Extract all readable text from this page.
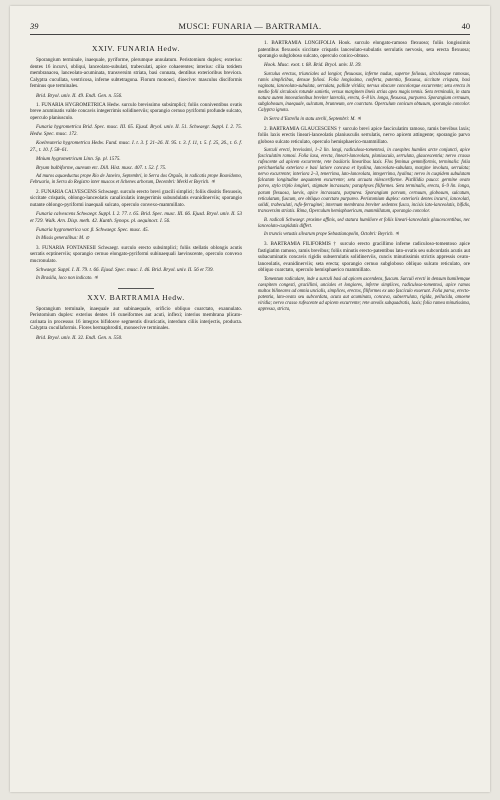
39	MUSCI: FUNARIA — BARTRAMIA.	40
XXIV. FUNARIA Hedw.

Sporangium terminale, inaequale, pyriforme, plerumque annulatum. Peristomium duplex; exterius: dentes 16 incurvi, obliqui, lanceolato-subulati, trabeculati, apice cohaerentes; interius: cilia totidem membranacea, lanceolato-acuminata, transversim striata, basi connata, dentibus exterioribus breviora. Calyptra cucullata, ventricosa, inferne subtetragona. Florum monoeci, dioecive: masculus disciformis feminus que terminales.

Brid. Bryol. univ. II. 49. Endl. Gen. n. 556.

1. FUNARIA HYGROMETRICA Hedw. surculo brevissimo subsimplici; foliis conniventibus ovatis breve acuminatis valde concavis integerrimis solidinerviis; sporangio cernuo pyriformi profunde sulcato, operculo planiusculo.

Funaria hygrometrica Brid. Spec. musc. III. 65. Ejusd. Bryol. univ. II. 51. Schwaegr. Suppl. I. 2. 75. Hedw. Spec. musc. 172.

Koelreuteria hygrometrica Hedw. Fund. musc. I. t. 3. f. 21–26. II. 95. t. 3. f. 11, t. 5. f. 25, 26., t. 6. f. 27., t. 10. f. 58–61.

Mnium hygrometricum Linn. Sp. pl. 1575.

Bryum bulbiforme, aureum etc. Dill. Hist. musc. 407. t. 52. f. 75.

Ad muros aquaeductus prope Rio de Janeiro, Septembri, in Serra dos Orgaõs, in radicatis prope Boavidomo, Februario, in Serra do Registro inter muscos et lichenes arborum, Decembri: Merkl et Beyrich. ♃

2. FUNARIA CALVESCENS Schwaegr. surculo erecto brevi gracili simplici; foliis dissitis flexuosis, siccitate crispatis, oblongo-lanceolatis canaliculatis integerrimis subundulatis evanidinerviis; sporangio nutante oblongo-pyriformi inaequali sulcato, operculo convexo-mammillato.

Funaria calvescens Schwaegr. Suppl. I. 2. 77. t. 65. Brid. Spec. musc. III. 66. Ejusd. Bryol. univ. II. 53 et 729. Walk. Arn. Disp. meth. 42. Kunth. Synops. pl. aequinoct. I. 56.

Funaria hygrometrica var. β. Schwaegr. Spec. musc. 45.

In Missis generalibus: M. ⊙

3. FUNARIA FONTANESII Schwaegr. surculo erecto subsimplici; foliis stellatis oblongis acutis serratis ecptinerviis; sporangio cernuo elongato-pyriformi subinaequali laevinscente, operculo convexo mucronulato.

Schwaegr. Suppl. I. II. 79. t. 66. Ejusd. Spec. musc. I. 46. Brid. Bryol. univ. II. 56 et 739.

In Brasilia, loco non indicato. ♃

XXV. BARTRAMIA Hedw.

Sporangium terminale, inaequale aut subinaequale, orificio obliquo coarctato, exannulato. Peristomium duplex: exterius dentes 16 cuneiformes aut acuti, inflexi; interius membrana plicato-carinata in processus 16 integros bifidosve segmentis divaricatis, interdum ciliis interjectis, producta. Calyptra cucullaformis. Flores hermaphroditi, monoecive terminales.

Brid. Bryol. univ. II. 32. Endl. Gen. n. 550.

1. BARTRAMIA LONGIFOLIA Hook. surculo elongato-ramoso flexuoso; foliis longissimis patentibus flexuosis siccitate crispatis lanceolato-subulatis serrulatis nervosis, seta erecta flexuosa; sporangio subgloboso sulcato, operculo conico-obtuso.

Hook. Musc. exot. t. 68. Brid. Bryol. univ. II. 39.

Surculus erectus, triunciales ad longior, flexuosus, inferne nudus, superne foliosus, sirculosque ramosus, ramis simplicibus, densae foliosi. Folia longissima, conferta, patentia, flexuosa, siccitate crispata, basi vaginata, lanceolato-subulata, serrulata, pallide viridia; nervus obscure concolorque excurrente; seta erecta in medio folii sirculosis rotunde sanietis, versus marginem lineis strias apex magis tennis. Seta terminalis, in statu natura autem innovationibus breviter lateralis, erecta, 6–8 lin. longa, flexuosa, purpurea. Sporangium cernuum, subglobosum, inaequale, sulcatum, brunneum, ore coarctato. Operculum conicum obtusum, sporangio concolor. Calyptra ignota.

In Serra d’Estrella in statu sterili, Septembri: M. ♃

2. BARTRAMIA GLAUCESCENS † surculo brevi apice fasciculatim ramoso, ramis brevibus laxis; foliis laxis erectis lineari-lanceolatis planiusculis serrulatis, nervo apicem attingente; sporangio parvo globoso sulcato reticulato, operculo hemisphaerico-mammillato.

Surculi erecti, brevissimi, 1–2 lin. longi, radiculoso-tomentosi, in caespites humiles arcte conjuncti, apice fasciculatim ramosi. Folia laxa, erecta, lineari-lanceolata, planiuscula, serrulata, glaucescentia; nervo crasso rufescente ad apicem excurrente, rete basilaris linearibus laxis. Flos feminus gemmiformis, terminalis: folia perichaetialia exteriora e basi latiore concava et hyalina, lanceolato-subulata, margine involuta, serrulata; nervo excurrente; interiora 2–3, tenerrima, lato-lanceolata, integerrima, hyalina; nervo in cuspidem subulatam falcatam longitudine aequantem excurrente; seta arcuata nilesceriforme. Pistillidia pauca: germine ovato parvo, stylo triplo longiori, stigmate incrassato; paraphyses filiformes. Seta terminalis, erecta, 6–9 lin. longa, parum flexuosa, laevis, apice incrassata, purpurea. Sporangium parvum, cernuum, globosum, sulcatum, reticulatum, fuscum, ore obliquo coarctato purpureo. Peristomium duplex: exterioris dentes incurvi, lanceolati, solidi, trabeculati, rufo-ferruginei; internum membrana breviter sedentes fusca, incisis lato-lanceolatis, bifidis, transversim striatis. Rima, Operculum hemisphaericum, mammillatum, sporangio concolor.

B. radicali Schwaegr. proxime affinis, sed statura humiliore et foliis lineari-lanceolatis glaucescentibus, nec lanceolato-cuspidatis differt.

In truncis vetustis silvarum prope Sebastianopolin, Octobri: Beyrich. ♃

3. BARTRAMIA FILIFORMIS † surculo erecto gracillimo inferne radiculoso-tomentoso apice fastigiatim ramoso, ramis brevibus; foliis minutis erecto-patentibus lato-ovatis seu subcordatis acutis aut subacuminatis concavis rigidis subserrulatis solidinerviis, cuncis minutissimis strictis appressis ovato-lanceolatis, evanidinerviis; seta erecta; sporangio cernuo subgloboso obliquo sulcato reticulato, ore obliquo coarctato, operculo hemisphaerico mammillato.

Tomentum radiculare, inde a surculi basi ad apicem ascendens, fuscum. Surculi erecti in densum humilemque caespitem congesti, gracillimi, unciales et longiores, inferne simplices, radiculoso-tomentosi, apice ramos multos bilineares ad omnia uncialis, simplices, erectos, filiformes ex uno fasciculo exserunt. Folia parva, erecto-patentia, lato-ovata seu subcordata, acuta aut acuminata, concava, subserrulata, rigida, pellucida, amoene viridia; nervo crasso rufescente ad apicem excurrente; rete areolis subquadratis, laxis; folia ramea minutissima, appressa, stricta,
